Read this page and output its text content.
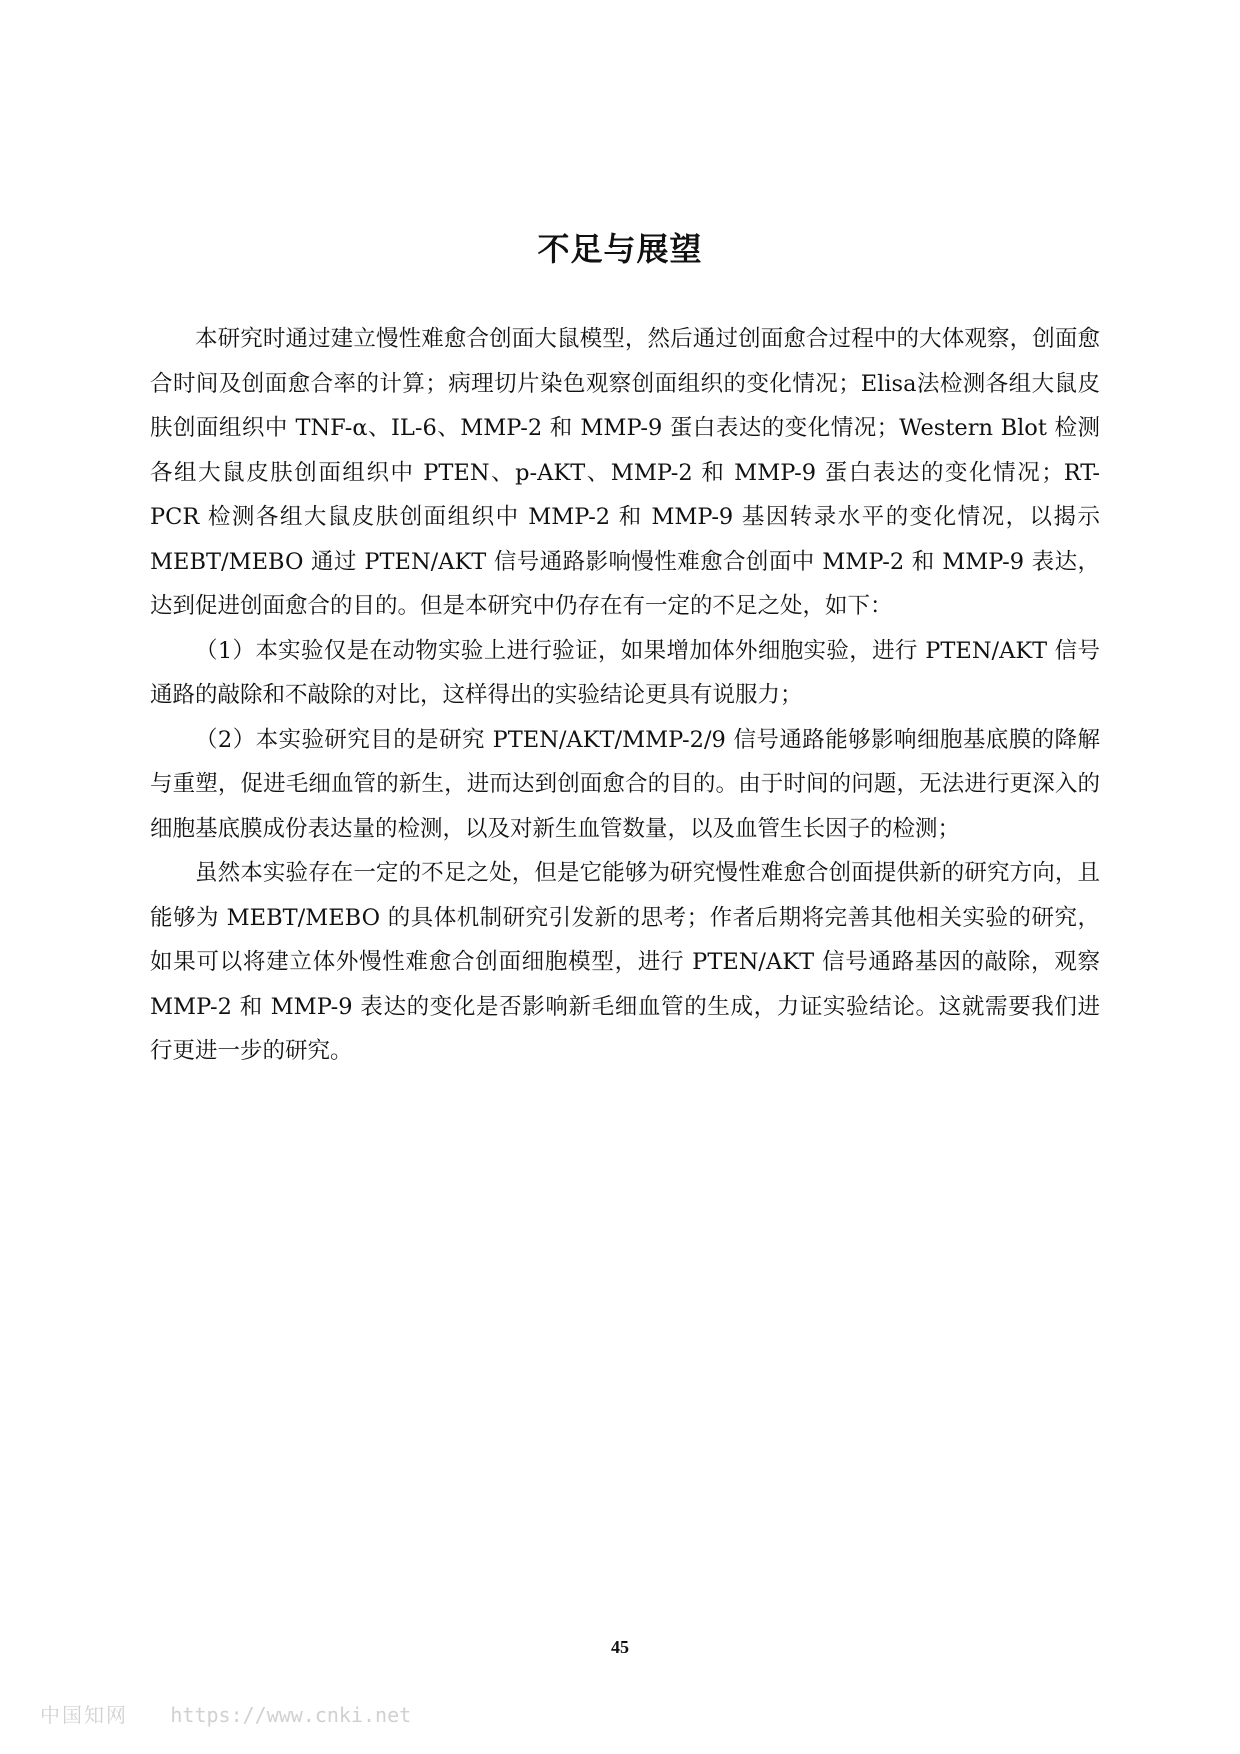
不足与展望

本研究时通过建立慢性难愈合创面大鼠模型，然后通过创面愈合过程中的大体观察，创面愈合时间及创面愈合率的计算；病理切片染色观察创面组织的变化情况；Elisa法检测各组大鼠皮肤创面组织中 TNF-α、IL-6、MMP-2 和 MMP-9 蛋白表达的变化情况；Western Blot 检测各组大鼠皮肤创面组织中 PTEN、p-AKT、MMP-2 和 MMP-9 蛋白表达的变化情况；RT-PCR 检测各组大鼠皮肤创面组织中 MMP-2 和 MMP-9 基因转录水平的变化情况，以揭示 MEBT/MEBO 通过 PTEN/AKT 信号通路影响慢性难愈合创面中 MMP-2 和 MMP-9 表达，达到促进创面愈合的目的。但是本研究中仍存在有一定的不足之处，如下：

（1）本实验仅是在动物实验上进行验证，如果增加体外细胞实验，进行 PTEN/AKT 信号通路的敲除和不敲除的对比，这样得出的实验结论更具有说服力；

（2）本实验研究目的是研究 PTEN/AKT/MMP-2/9 信号通路能够影响细胞基底膜的降解与重塑，促进毛细血管的新生，进而达到创面愈合的目的。由于时间的问题，无法进行更深入的细胞基底膜成份表达量的检测，以及对新生血管数量，以及血管生长因子的检测；

虽然本实验存在一定的不足之处，但是它能够为研究慢性难愈合创面提供新的研究方向，且能够为 MEBT/MEBO 的具体机制研究引发新的思考；作者后期将完善其他相关实验的研究，如果可以将建立体外慢性难愈合创面细胞模型，进行 PTEN/AKT 信号通路基因的敲除，观察 MMP-2 和 MMP-9 表达的变化是否影响新毛细血管的生成，力证实验结论。这就需要我们进行更进一步的研究。

45
中国知网 https://www.cnki.net
